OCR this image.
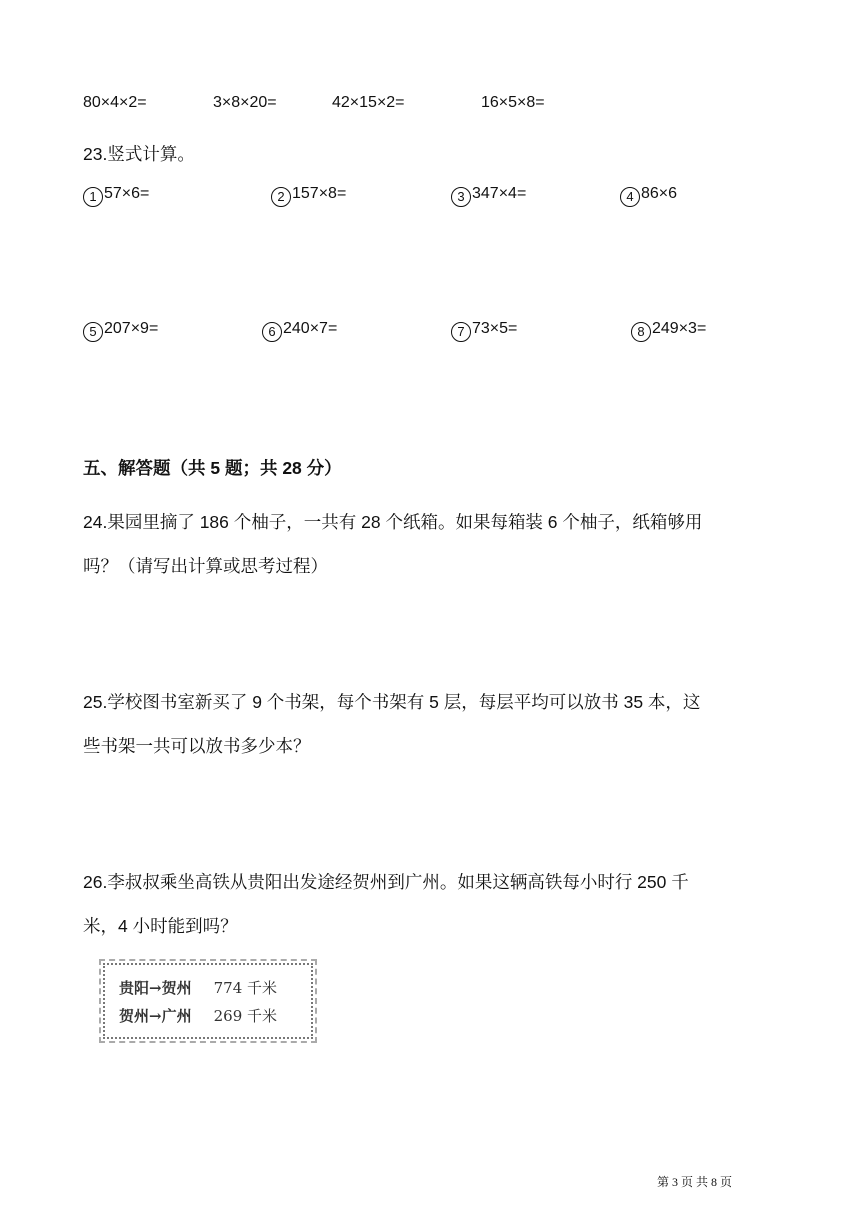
80×4×2=	3×8×20=	42×15×2=	16×5×8=
23.竖式计算。
1 57×6=	2 157×8=	3 347×4=	4 86×6
5 207×9=	6 240×7=	7 73×5=	8 249×3=
五、解答题（共 5 题；共 28 分）
24.果园里摘了 186 个柚子，一共有 28 个纸箱。如果每箱装 6 个柚子，纸箱够用
吗？（请写出计算或思考过程）
25.学校图书室新买了 9 个书架，每个书架有 5 层，每层平均可以放书 35 本，这
些书架一共可以放书多少本？
26.李叔叔乘坐高铁从贵阳出发途经贺州到广州。如果这辆高铁每小时行 250 千
米，4 小时能到吗？
贵阳→贺州 774 千米
贺州→广州 269 千米
第 3 页 共 8 页
